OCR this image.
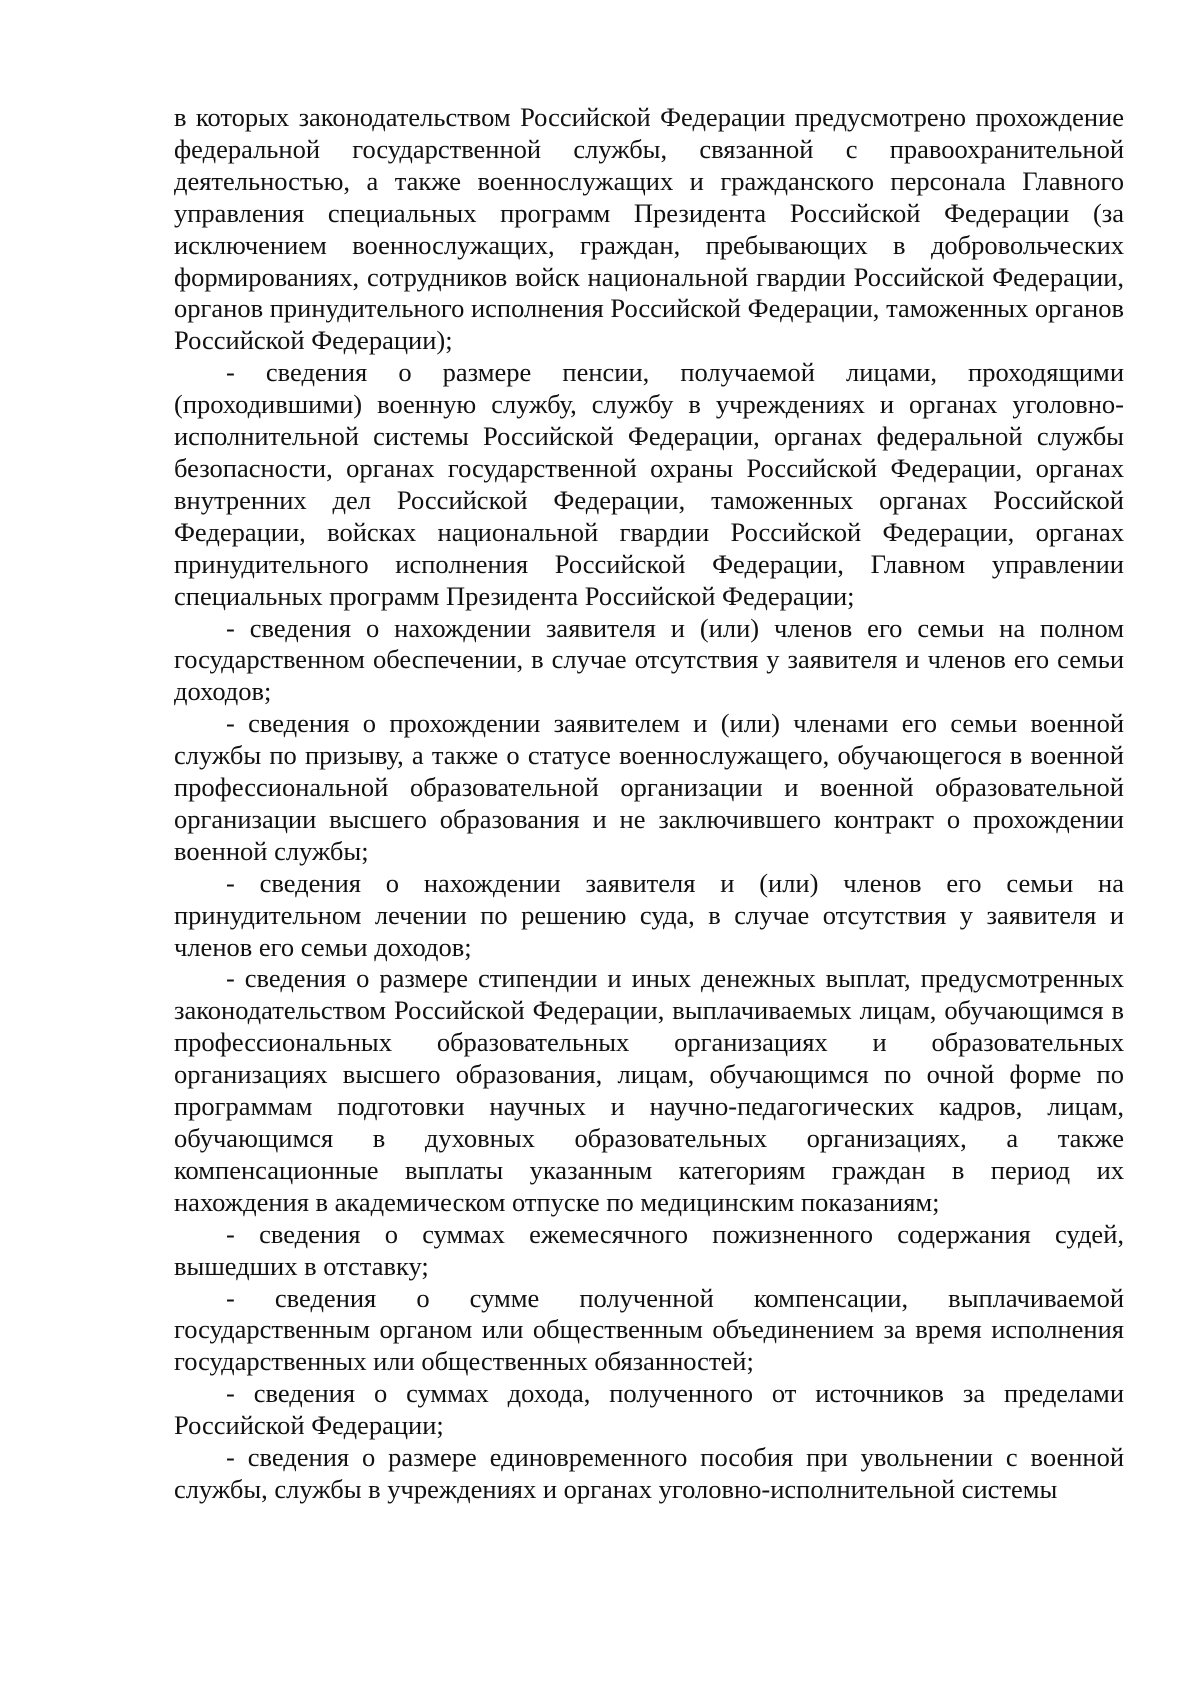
в которых законодательством Российской Федерации предусмотрено прохождение федеральной государственной службы, связанной с правоохранительной деятельностью, а также военнослужащих и гражданского персонала Главного управления специальных программ Президента Российской Федерации (за исключением военнослужащих, граждан, пребывающих в добровольческих формированиях, сотрудников войск национальной гвардии Российской Федерации, органов принудительного исполнения Российской Федерации, таможенных органов Российской Федерации);

- сведения о размере пенсии, получаемой лицами, проходящими (проходившими) военную службу, службу в учреждениях и органах уголовно-исполнительной системы Российской Федерации, органах федеральной службы безопасности, органах государственной охраны Российской Федерации, органах внутренних дел Российской Федерации, таможенных органах Российской Федерации, войсках национальной гвардии Российской Федерации, органах принудительного исполнения Российской Федерации, Главном управлении специальных программ Президента Российской Федерации;

- сведения о нахождении заявителя и (или) членов его семьи на полном государственном обеспечении, в случае отсутствия у заявителя и членов его семьи доходов;

- сведения о прохождении заявителем и (или) членами его семьи военной службы по призыву, а также о статусе военнослужащего, обучающегося в военной профессиональной образовательной организации и военной образовательной организации высшего образования и не заключившего контракт о прохождении военной службы;

- сведения о нахождении заявителя и (или) членов его семьи на принудительном лечении по решению суда, в случае отсутствия у заявителя и членов его семьи доходов;

- сведения о размере стипендии и иных денежных выплат, предусмотренных законодательством Российской Федерации, выплачиваемых лицам, обучающимся в профессиональных образовательных организациях и образовательных организациях высшего образования, лицам, обучающимся по очной форме по программам подготовки научных и научно-педагогических кадров, лицам, обучающимся в духовных образовательных организациях, а также компенсационные выплаты указанным категориям граждан в период их нахождения в академическом отпуске по медицинским показаниям;

- сведения о суммах ежемесячного пожизненного содержания судей, вышедших в отставку;

- сведения о сумме полученной компенсации, выплачиваемой государственным органом или общественным объединением за время исполнения государственных или общественных обязанностей;

- сведения о суммах дохода, полученного от источников за пределами Российской Федерации;

- сведения о размере единовременного пособия при увольнении с военной службы, службы в учреждениях и органах уголовно-исполнительной системы
